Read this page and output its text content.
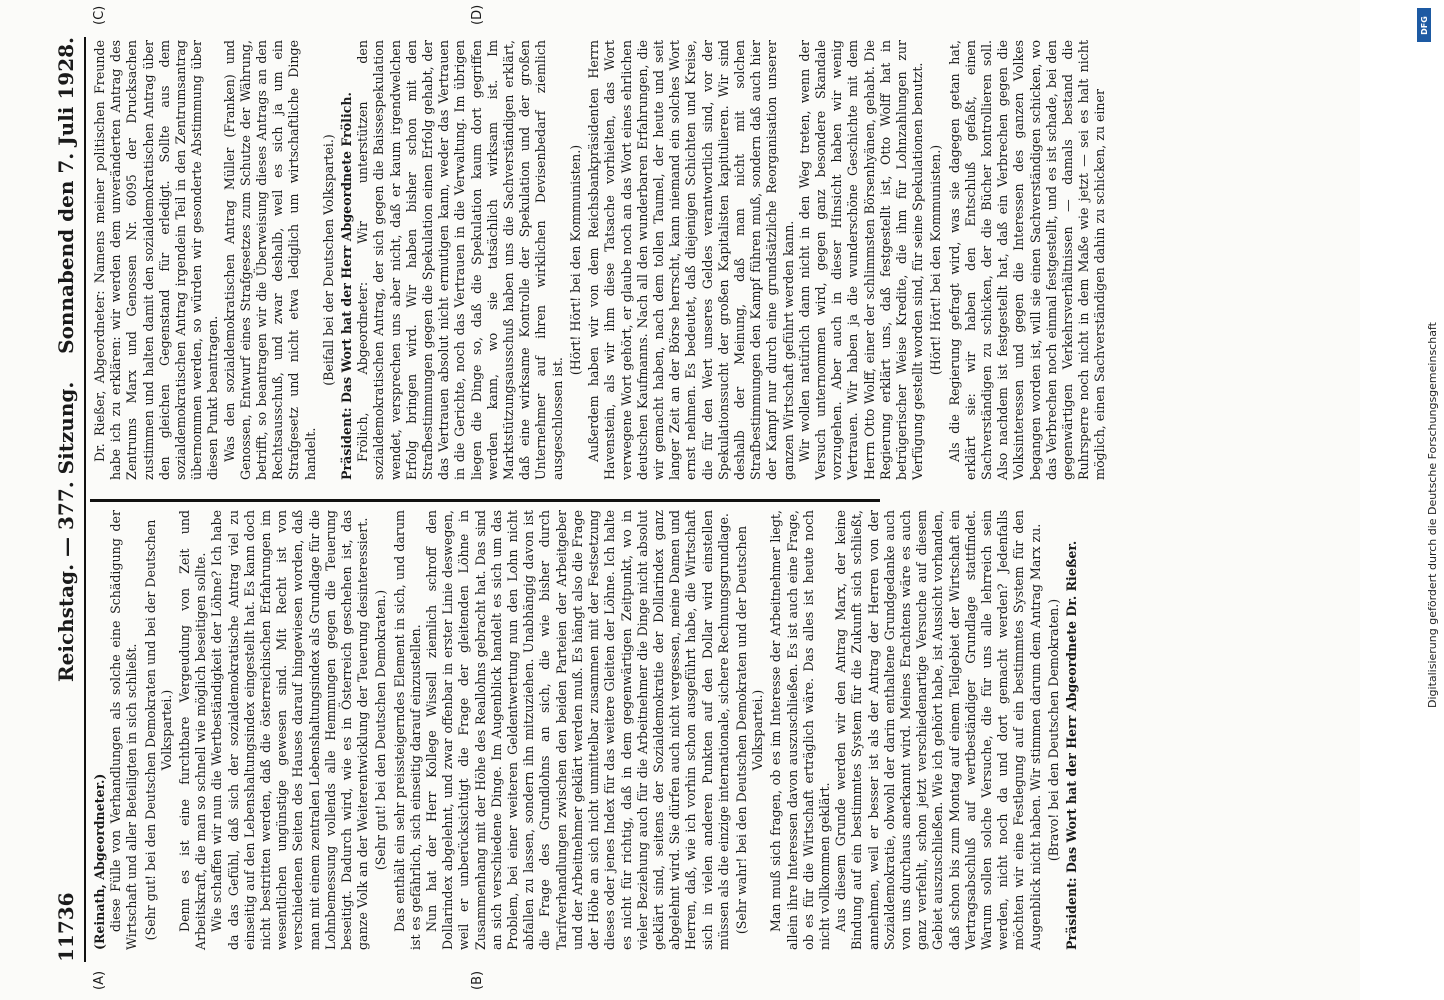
11736
Reichstag. — 377. Sitzung.
Sonnabend den 7. Juli 1928.
(A)	(B)
(C)	(D)

(Reinath, Abgeordneter.) diese Fülle von Verhandlungen als solche eine Schädigung der Wirtschaft und aller Beteiligten in sich schließt. (Sehr gut! bei den Deutschen Demokraten und bei der Deutschen Volkspartei.) Denn es ist eine furchtbare Vergeudung von Zeit und Arbeitskraft, die man so schnell wie möglich beseitigen sollte. Wie schaffen wir nun die Wertbeständigkeit der Löhne? Ich habe da das Gefühl, daß sich der sozialdemokratische Antrag viel zu einseitig auf den Lebenshaltungsindex eingestellt hat. Es kann doch nicht bestritten werden, daß die österreichischen Erfahrungen im wesentlichen ungünstige gewesen sind. Mit Recht ist von verschiedenen Seiten des Hauses darauf hingewiesen worden, daß man mit einem zentralen Lebenshaltungsindex als Grundlage für die Lohnbemessung vollends alle Hemmungen gegen die Teuerung beseitigt. Dadurch wird, wie es in Österreich geschehen ist, das ganze Volk an der Weiterentwicklung der Teuerung desinteressiert. (Sehr gut! bei den Deutschen Demokraten.) Das enthält ein sehr preissteigerndes Element in sich, und darum ist es gefährlich, sich einseitig darauf einzustellen. Nun hat der Herr Kollege Wissell ziemlich schroff den Dollarindex abgelehnt, und zwar offenbar in erster Linie deswegen, weil er unberücksichtigt die Frage der gleitenden Löhne in Zusammenhang mit der Höhe des Reallohns gebracht hat. Das sind an sich verschiedene Dinge. Im Augenblick handelt es sich um das Problem, bei einer weiteren Geldentwertung nun den Lohn nicht abfallen zu lassen, sondern ihn mitzuziehen. Unabhängig davon ist die Frage des Grundlohns an sich, die wie bisher durch Tarifverhandlungen zwischen den beiden Parteien der Arbeitgeber und der Arbeitnehmer geklärt werden muß. Es hängt also die Frage der Höhe an sich nicht unmittelbar zusammen mit der Festsetzung dieses oder jenes Index für das weitere Gleiten der Löhne. Ich halte es nicht für richtig, daß in dem gegenwärtigen Zeitpunkt, wo in vieler Beziehung auch für die Arbeitnehmer die Dinge nicht absolut geklärt sind, seitens der Sozialdemokratie der Dollarindex ganz abgelehnt wird. Sie dürfen auch nicht vergessen, meine Damen und Herren, daß, wie ich vorhin schon ausgeführt habe, die Wirtschaft sich in vielen anderen Punkten auf den Dollar wird einstellen müssen als die einzige internationale, sichere Rechnungsgrundlage. (Sehr wahr! bei den Deutschen Demokraten und der Deutschen Volkspartei.) Man muß sich fragen, ob es im Interesse der Arbeitnehmer liegt, allein ihre Interessen davon auszuschließen. Es ist auch eine Frage, ob es für die Wirtschaft erträglich wäre. Das alles ist heute noch nicht vollkommen geklärt. Aus diesem Grunde werden wir den Antrag Marx, der keine Bindung auf ein bestimmtes System für die Zukunft sich schließt, annehmen, weil er besser ist als der Antrag der Herren von der Sozialdemokratie, obwohl der darin enthaltene Grundgedanke auch von uns durchaus anerkannt wird. Meines Erachtens wäre es auch ganz verfehlt, schon jetzt verschiedenartige Versuche auf diesem Gebiet auszuschließen. Wie ich gehört habe, ist Aussicht vorhanden, daß schon bis zum Montag auf einem Teilgebiet der Wirtschaft ein Vertragsabschluß auf wertbeständiger Grundlage stattfindet. Warum sollen solche Versuche, die für uns alle lehrreich sein werden, nicht noch da und dort gemacht werden? Jedenfalls möchten wir eine Festlegung auf ein bestimmtes System für den Augenblick nicht haben. Wir stimmen darum dem Antrag Marx zu. (Bravo! bei den Deutschen Demokraten.) Präsident: Das Wort hat der Herr Abgeordnete Dr. Rießer.

Dr. Rießer, Abgeordneter: Namens meiner politischen Freunde habe ich zu erklären: wir werden dem unveränderten Antrag des Zentrums Marx und Genossen Nr. 6095 der Drucksachen zustimmen und halten damit den sozialdemokratischen Antrag über den gleichen Gegenstand für erledigt. Sollte aus dem sozialdemokratischen Antrag irgendein Teil in den Zentrumsantrag übernommen werden, so würden wir gesonderte Abstimmung über diesen Punkt beantragen. Was den sozialdemokratischen Antrag Müller (Franken) und Genossen, Entwurf eines Strafgesetzes zum Schutze der Währung, betrifft, so beantragen wir die Überweisung dieses Antrags an den Rechtsausschuß, und zwar deshalb, weil es sich ja um ein Strafgesetz und nicht etwa lediglich um wirtschaftliche Dinge handelt.

(Beifall bei der Deutschen Volkspartei.) Präsident: Das Wort hat der Herr Abgeordnete Frölich. Frölich, Abgeordneter: Wir unterstützen den sozialdemokratischen Antrag, der sich gegen die Baissespekulation wendet, versprechen uns aber nicht, daß er kaum irgendwelchen Erfolg bringen wird. Wir haben bisher schon mit den Strafbestimmungen gegen die Spekulation einen Erfolg gehabt, der das Vertrauen absolut nicht ermutigen kann, weder das Vertrauen in die Gerichte, noch das Vertrauen in die Verwaltung. Im übrigen liegen die Dinge so, daß die Spekulation kaum dort gegriffen werden kann, wo sie tatsächlich wirksam ist. Im Marktstützungsausschuß haben uns die Sachverständigen erklärt, daß eine wirksame Kontrolle der Spekulation und der großen Unternehmer auf ihren wirklichen Devisenbedarf ziemlich ausgeschlossen ist.

(Hört! Hört! bei den Kommunisten.) Außerdem haben wir von dem Reichsbankpräsidenten Herrn Havenstein, als wir ihm diese Tatsache vorhielten, das Wort verwegene Wort gehört, er glaube noch an das Wort eines ehrlichen deutschen Kaufmanns. Nach all den wunderbaren Erfahrungen, die wir gemacht haben, nach dem tollen Taumel, der heute und seit langer Zeit an der Börse herrscht, kann niemand ein solches Wort ernst nehmen. Es bedeutet, daß diejenigen Schichten und Kreise, die für den Wert unseres Geldes verantwortlich sind, vor der Spekulationssucht der großen Kapitalisten kapitulieren. Wir sind deshalb der Meinung, daß man nicht mit solchen Strafbestimmungen den Kampf führen muß, sondern daß auch hier der Kampf nur durch eine grundsätzliche Reorganisation unserer ganzen Wirtschaft geführt werden kann. Wir wollen natürlich dann nicht in den Weg treten, wenn der Versuch unternommen wird, gegen ganz besondere Skandale vorzugehen. Aber auch in dieser Hinsicht haben wir wenig Vertrauen. Wir haben ja die wunderschöne Geschichte mit dem Herrn Otto Wolff, einer der schlimmsten Börsenhyänen, gehabt. Die Regierung erklärt uns, daß festgestellt ist, Otto Wolff hat in betrügerischer Weise Kredite, die ihm für Lohnzahlungen zur Verfügung gestellt worden sind, für seine Spekulationen benutzt. (Hört! Hört! bei den Kommunisten.) Als die Regierung gefragt wird, was sie dagegen getan hat, erklärt sie: wir haben den Entschluß gefaßt, einen Sachverständigen zu schicken, der die Bücher kontrollieren soll. Also nachdem ist festgestellt hat, daß ein Verbrechen gegen die Volksinteressen und gegen die Interessen des ganzen Volkes begangen worden ist, will sie einen Sachverständigen schicken, wo das Verbrechen noch einmal festgestellt, und es ist schade, bei den gegenwärtigen Verkehrsverhältnissen — damals bestand die Ruhrsperre noch nicht in dem Maße wie jetzt — sei es halt nicht möglich, einen Sachverständigen dahin zu schicken, zu einer

Digitalisierung gefördert durch die Deutsche Forschungsgemeinschaft
DFG
